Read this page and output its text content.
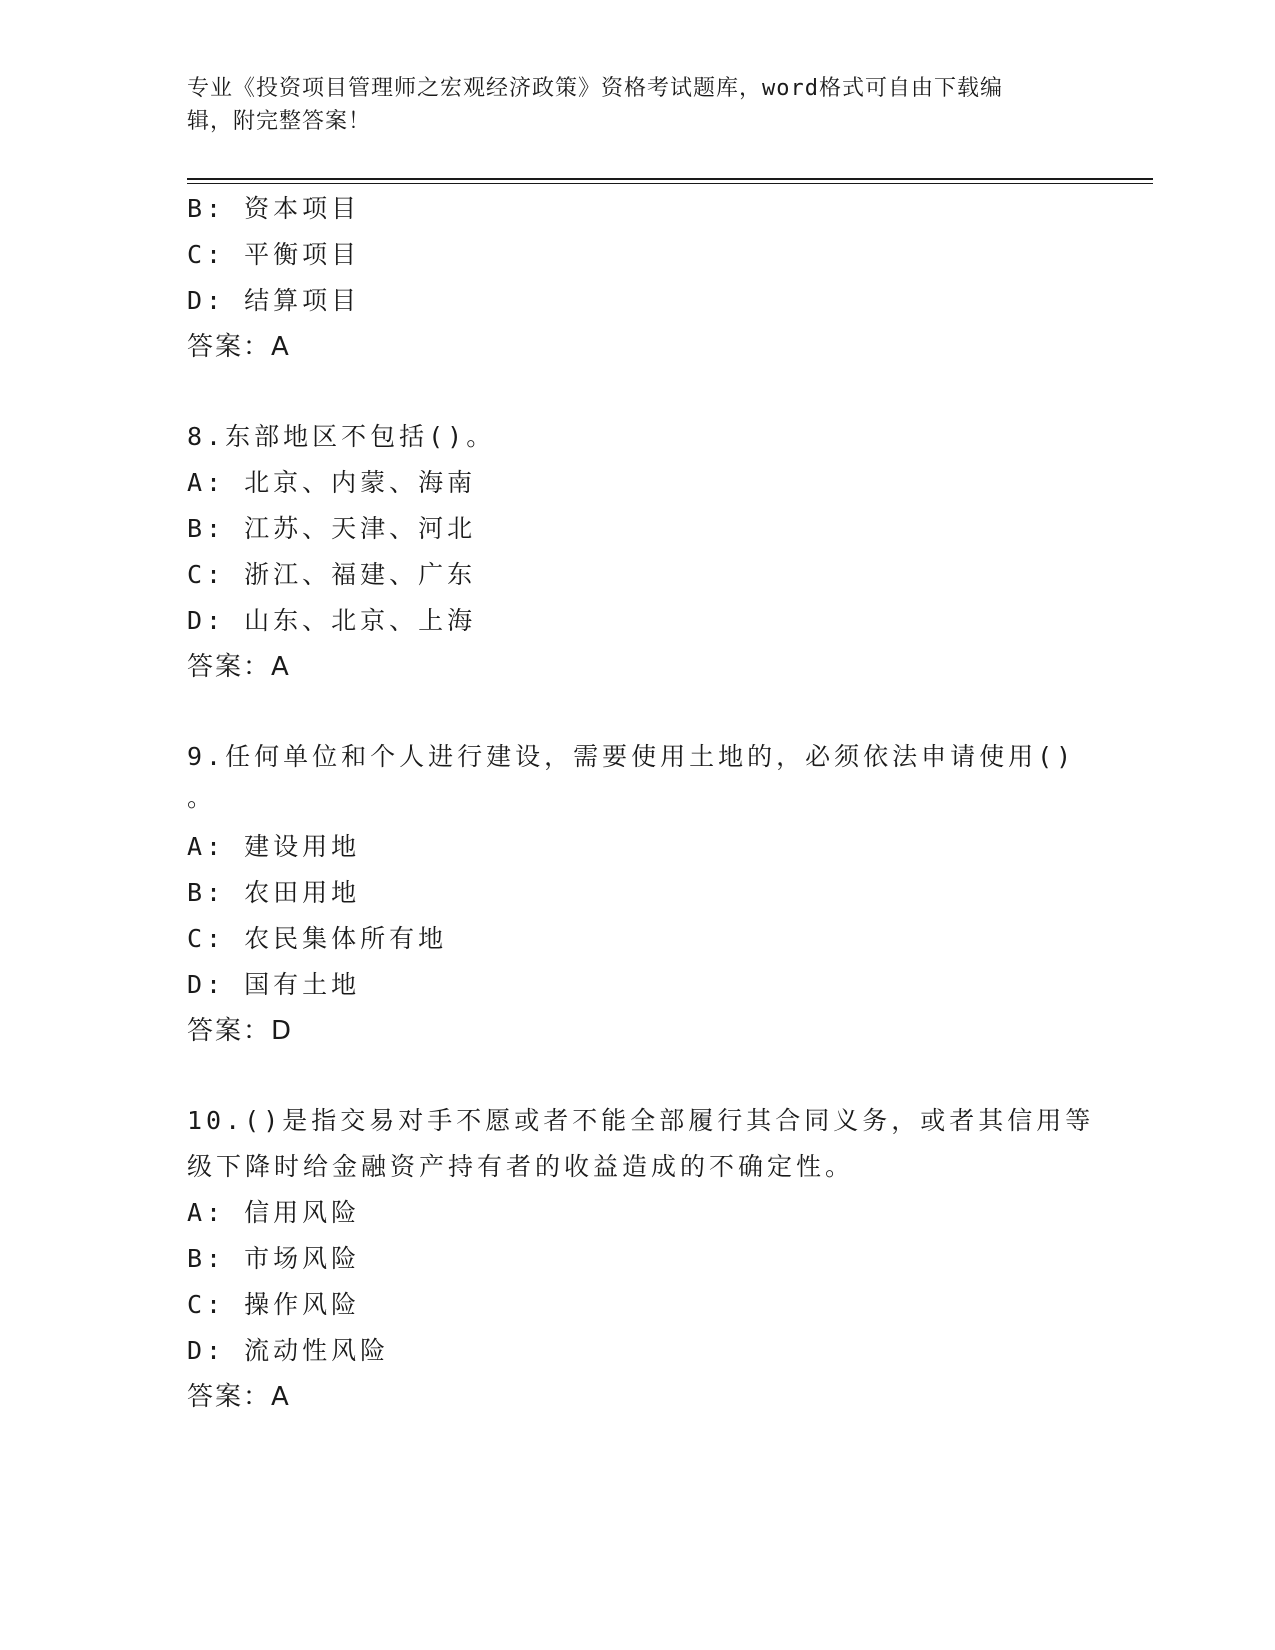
专业《投资项目管理师之宏观经济政策》资格考试题库，word格式可自由下载编
辑，附完整答案！
B: 资本项目
C: 平衡项目
D: 结算项目
答案：A
8.东部地区不包括()。
A: 北京、内蒙、海南
B: 江苏、天津、河北
C: 浙江、福建、广东
D: 山东、北京、上海
答案：A
9.任何单位和个人进行建设，需要使用土地的，必须依法申请使用()
。
A: 建设用地
B: 农田用地
C: 农民集体所有地
D: 国有土地
答案：D
10.()是指交易对手不愿或者不能全部履行其合同义务，或者其信用等
级下降时给金融资产持有者的收益造成的不确定性。
A: 信用风险
B: 市场风险
C: 操作风险
D: 流动性风险
答案：A
